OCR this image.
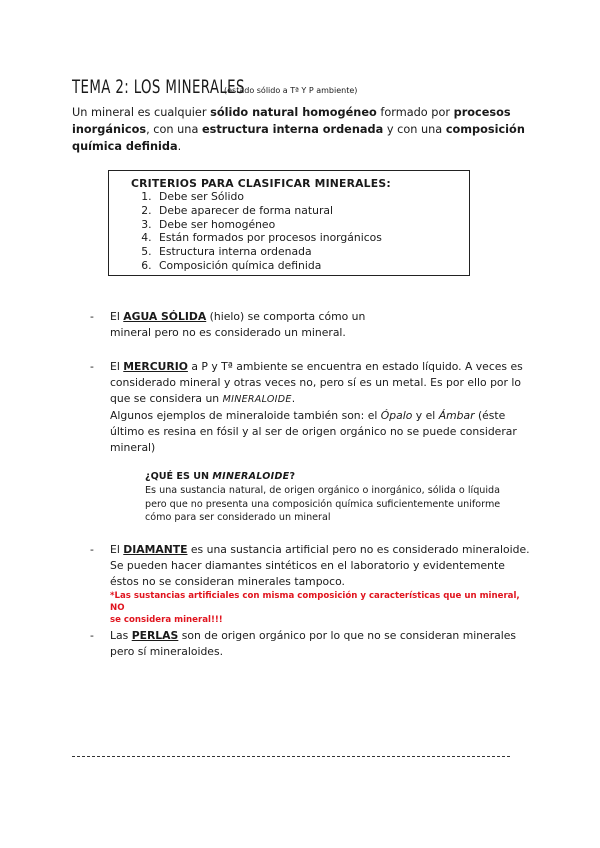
TEMA 2: LOS MINERALES
(estado sólido a Tª Y P ambiente)
Un mineral es cualquier sólido natural homogéneo formado por procesos inorgánicos, con una estructura interna ordenada y con una composición química definida.
CRITERIOS PARA CLASIFICAR MINERALES:
1. Debe ser Sólido
2. Debe aparecer de forma natural
3. Debe ser homogéneo
4. Están formados por procesos inorgánicos
5. Estructura interna ordenada
6. Composición química definida
- El AGUA SÓLIDA (hielo) se comporta cómo un
mineral pero no es considerado un mineral.
- El MERCURIO a P y Tª ambiente se encuentra en estado líquido. A veces es
considerado mineral y otras veces no, pero sí es un metal. Es por ello por lo
que se considera un MINERALOIDE.
Algunos ejemplos de mineraloide también son: el Ópalo y el Ámbar (éste
último es resina en fósil y al ser de origen orgánico no se puede considerar
mineral)
¿QUÉ ES UN MINERALOIDE?
Es una sustancia natural, de origen orgánico o inorgánico, sólida o líquida
pero que no presenta una composición química suficientemente uniforme
cómo para ser considerado un mineral
- El DIAMANTE es una sustancia artificial pero no es considerado mineraloide.
Se pueden hacer diamantes sintéticos en el laboratorio y evidentemente
éstos no se consideran minerales tampoco.
*Las sustancias artificiales con misma composición y características que un mineral, NO
se considera mineral!!!
- Las PERLAS son de origen orgánico por lo que no se consideran minerales
pero sí mineraloides.
